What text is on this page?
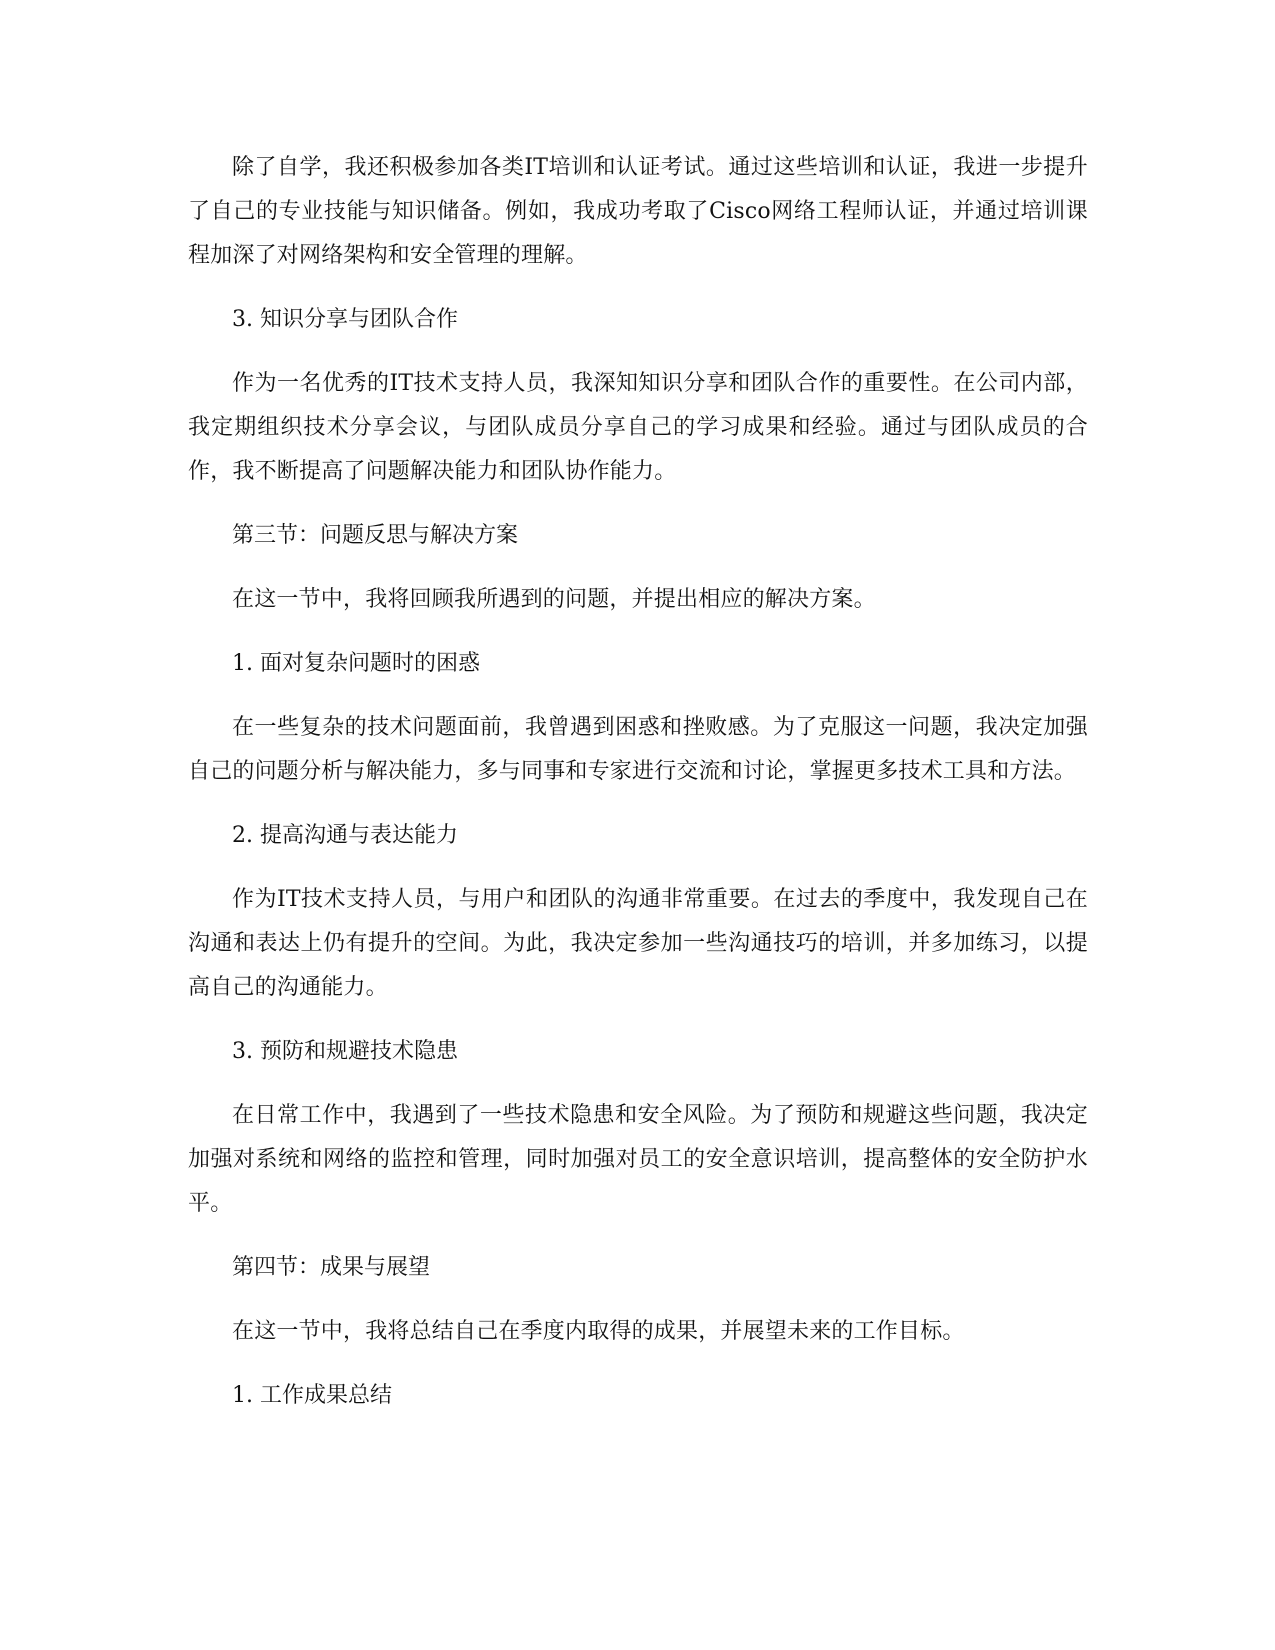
除了自学，我还积极参加各类IT培训和认证考试。通过这些培训和认证，我进一步提升了自己的专业技能与知识储备。例如，我成功考取了Cisco网络工程师认证，并通过培训课程加深了对网络架构和安全管理的理解。

3. 知识分享与团队合作

作为一名优秀的IT技术支持人员，我深知知识分享和团队合作的重要性。在公司内部，我定期组织技术分享会议，与团队成员分享自己的学习成果和经验。通过与团队成员的合作，我不断提高了问题解决能力和团队协作能力。

第三节：问题反思与解决方案

在这一节中，我将回顾我所遇到的问题，并提出相应的解决方案。

1. 面对复杂问题时的困惑

在一些复杂的技术问题面前，我曾遇到困惑和挫败感。为了克服这一问题，我决定加强自己的问题分析与解决能力，多与同事和专家进行交流和讨论，掌握更多技术工具和方法。

2. 提高沟通与表达能力

作为IT技术支持人员，与用户和团队的沟通非常重要。在过去的季度中，我发现自己在沟通和表达上仍有提升的空间。为此，我决定参加一些沟通技巧的培训，并多加练习，以提高自己的沟通能力。

3. 预防和规避技术隐患

在日常工作中，我遇到了一些技术隐患和安全风险。为了预防和规避这些问题，我决定加强对系统和网络的监控和管理，同时加强对员工的安全意识培训，提高整体的安全防护水平。

第四节：成果与展望

在这一节中，我将总结自己在季度内取得的成果，并展望未来的工作目标。

1. 工作成果总结
